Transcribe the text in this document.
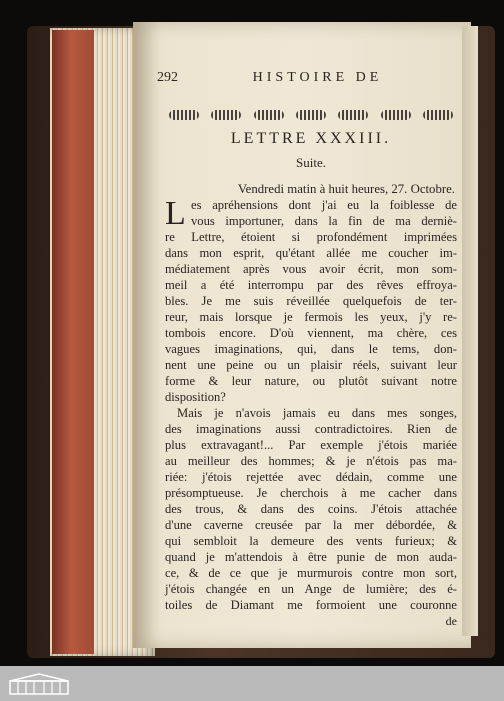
292	HISTOIRE DE
LETTRE XXXIII.
Suite.
Vendredi matin à huit heures, 27. Octobre.
L es apréhensions dont j'ai eu la foiblesse de
vous importuner, dans la fin de ma derniè-
re Lettre, étoient si profondément imprimées
dans mon esprit, qu'étant allée me coucher im-
médiatement après vous avoir écrit, mon som-
meil a été interrompu par des rêves effroya-
bles. Je me suis réveillée quelquefois de ter-
reur, mais lorsque je fermois les yeux, j'y re-
tombois encore. D'où viennent, ma chère, ces
vagues imaginations, qui, dans le tems, don-
nent une peine ou un plaisir réels, suivant leur
forme & leur nature, ou plutôt suivant notre
disposition?
Mais je n'avois jamais eu dans mes songes,
des imaginations aussi contradictoires. Rien de
plus extravagant!... Par exemple j'étois mariée
au meilleur des hommes; & je n'étois pas ma-
riée: j'étois rejettée avec dédain, comme une
présomptueuse. Je cherchois à me cacher dans
des trous, & dans des coins. J'étois attachée
d'une caverne creusée par la mer débordée, &
qui sembloit la demeure des vents furieux; &
quand je m'attendois à être punie de mon auda-
ce, & de ce que je murmurois contre mon sort,
j'étois changée en un Ange de lumière; des é-
toiles de Diamant me formoient une couronne
de
